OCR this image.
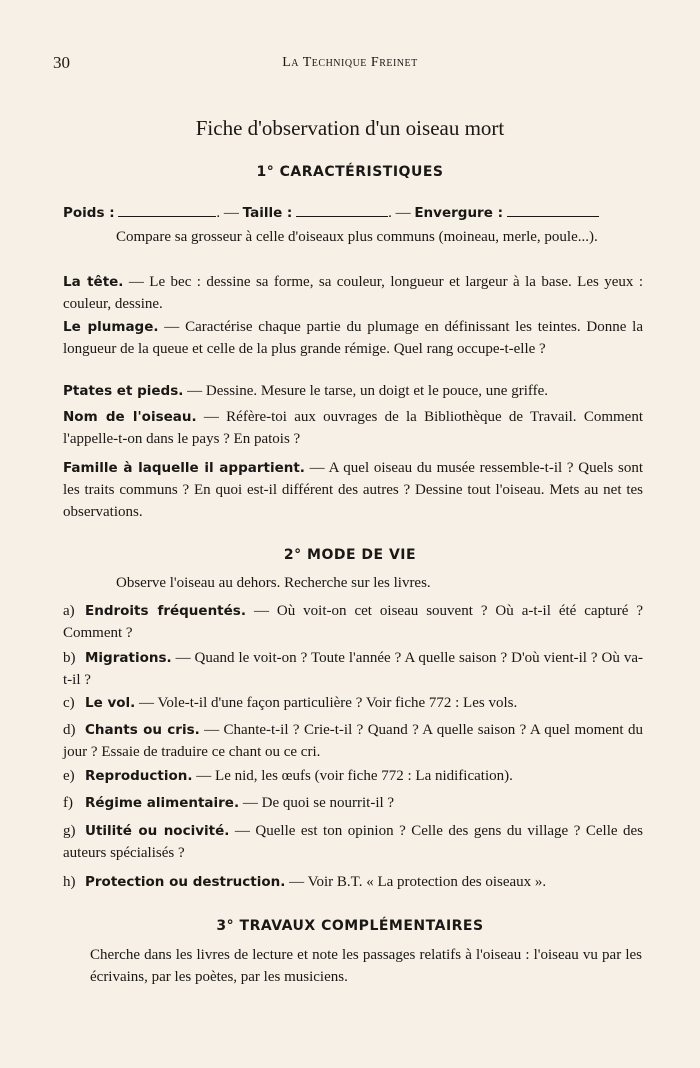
30	La Technique Freinet
Fiche d'observation d'un oiseau mort
1° CARACTÉRISTIQUES
Poids :	. — Taille :	. — Envergure :
Compare sa grosseur à celle d'oiseaux plus communs (moineau, merle, poule...).
La tête. — Le bec : dessine sa forme, sa couleur, longueur et largeur à la base. Les yeux : couleur, dessine.
Le plumage. — Caractérise chaque partie du plumage en définissant les teintes. Donne la longueur de la queue et celle de la plus grande rémige. Quel rang occupe-t-elle ?
Ptates et pieds. — Dessine. Mesure le tarse, un doigt et le pouce, une griffe.
Nom de l'oiseau. — Réfère-toi aux ouvrages de la Bibliothèque de Travail. Comment l'appelle-t-on dans le pays ? En patois ?
Famille à laquelle il appartient. — A quel oiseau du musée ressemble-t-il ? Quels sont les traits communs ? En quoi est-il différent des autres ? Dessine tout l'oiseau. Mets au net tes observations.
2° MODE DE VIE
Observe l'oiseau au dehors. Recherche sur les livres.
a) Endroits fréquentés. — Où voit-on cet oiseau souvent ? Où a-t-il été capturé ? Comment ?
b) Migrations. — Quand le voit-on ? Toute l'année ? A quelle saison ? D'où vient-il ? Où va-t-il ?
c) Le vol. — Vole-t-il d'une façon particulière ? Voir fiche 772 : Les vols.
d) Chants ou cris. — Chante-t-il ? Crie-t-il ? Quand ? A quelle saison ? A quel moment du jour ? Essaie de traduire ce chant ou ce cri.
e) Reproduction. — Le nid, les œufs (voir fiche 772 : La nidification).
f) Régime alimentaire. — De quoi se nourrit-il ?
g) Utilité ou nocivité. — Quelle est ton opinion ? Celle des gens du village ? Celle des auteurs spécialisés ?
h) Protection ou destruction. — Voir B.T. « La protection des oiseaux ».
3° TRAVAUX COMPLÉMENTAIRES
Cherche dans les livres de lecture et note les passages relatifs à l'oiseau : l'oiseau vu par les écrivains, par les poètes, par les musiciens.
